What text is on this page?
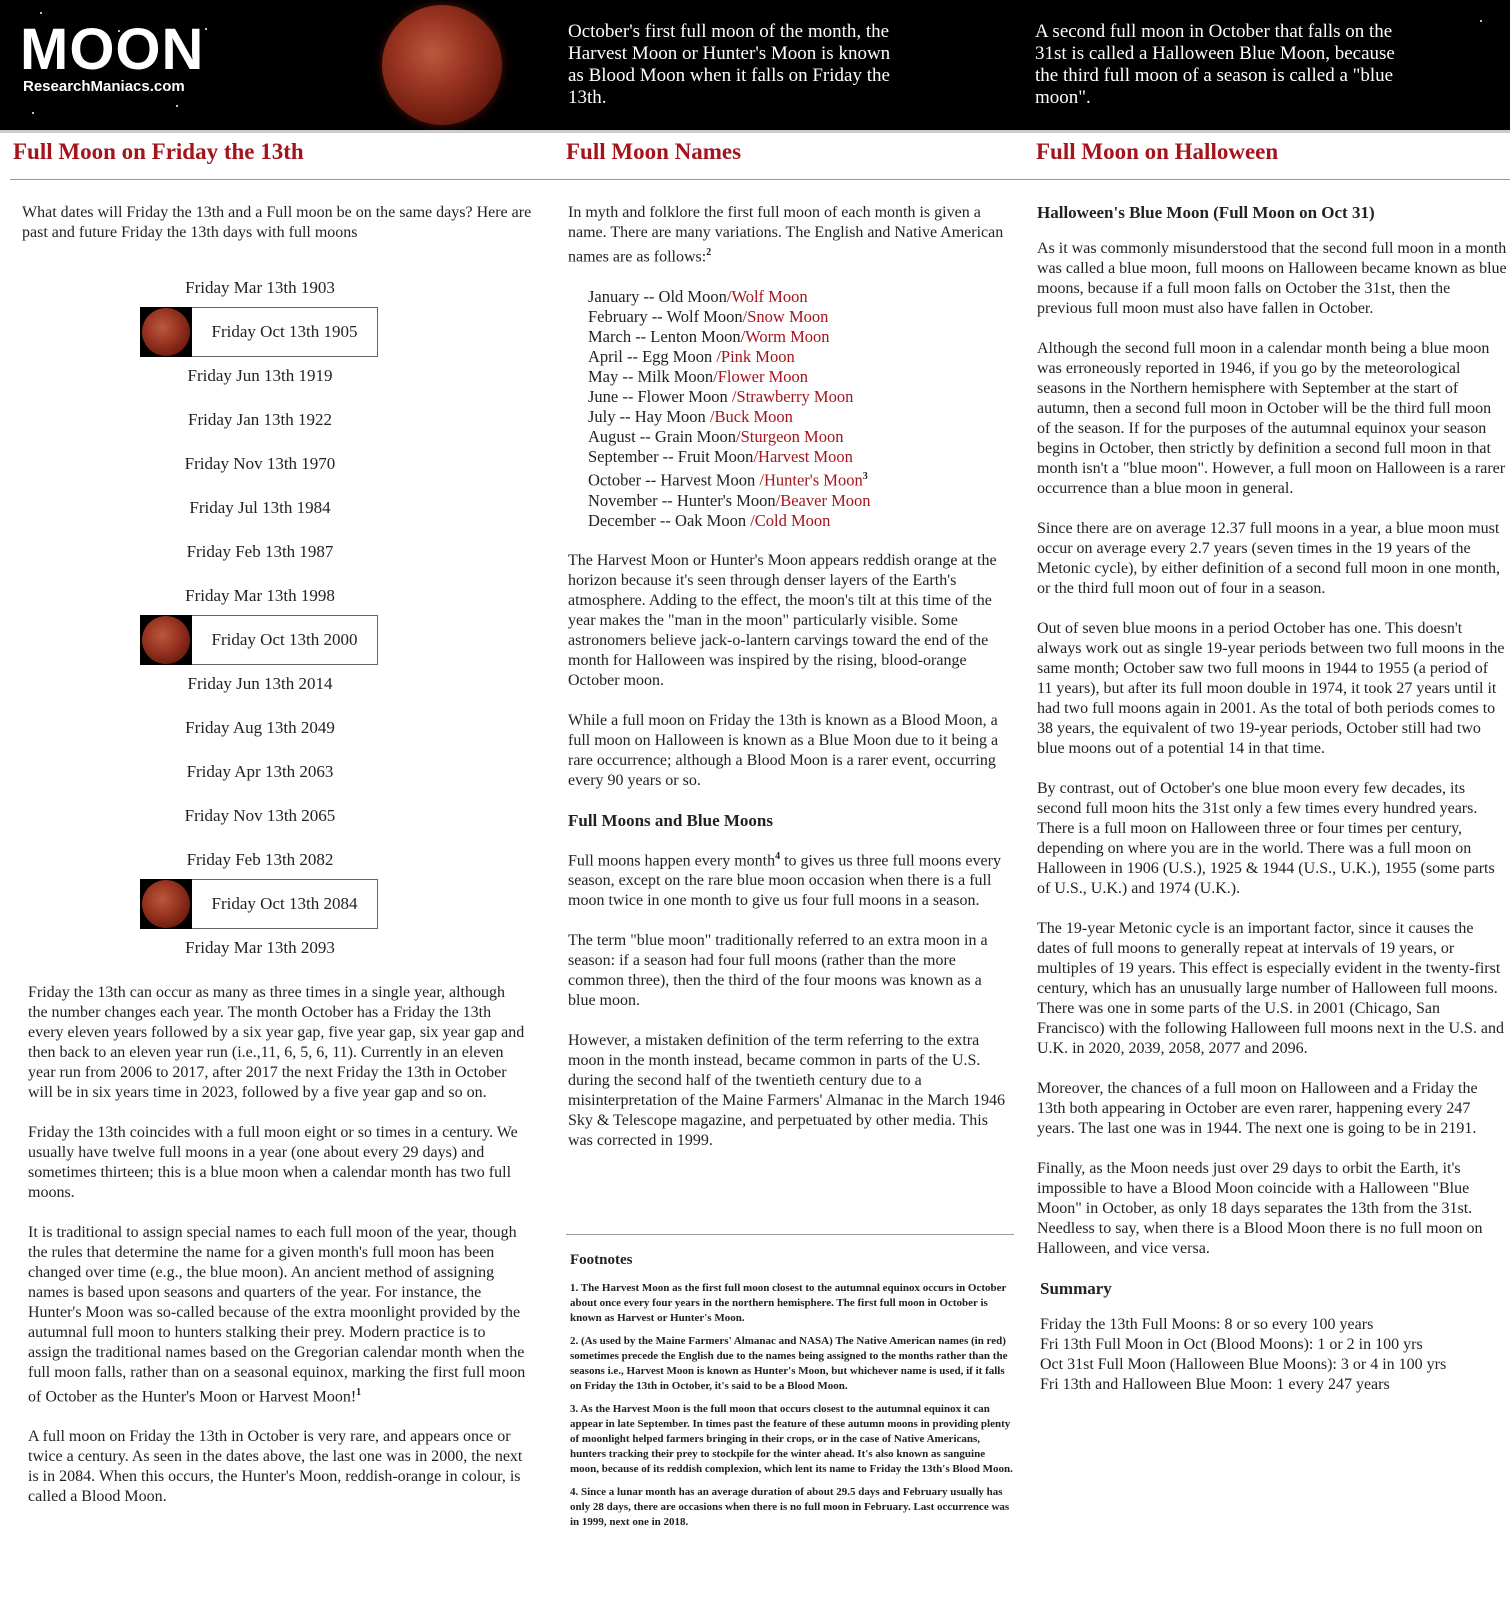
MOON
ResearchManiacs.com
October's first full moon of the month, the Harvest Moon or Hunter's Moon is known as Blood Moon when it falls on Friday the 13th.
A second full moon in October that falls on the 31st is called a Halloween Blue Moon, because the third full moon of a season is called a "blue moon".
Full Moon on Friday the 13th

What dates will Friday the 13th and a Full moon be on the same days? Here are past and future Friday the 13th days with full moons

Friday Mar 13th 1903
Friday Oct 13th 1905
Friday Jun 13th 1919
Friday Jan 13th 1922
Friday Nov 13th 1970
Friday Jul 13th 1984
Friday Feb 13th 1987
Friday Mar 13th 1998
Friday Oct 13th 2000
Friday Jun 13th 2014
Friday Aug 13th 2049
Friday Apr 13th 2063
Friday Nov 13th 2065
Friday Feb 13th 2082
Friday Oct 13th 2084
Friday Mar 13th 2093

Friday the 13th can occur as many as three times in a single year, although the number changes each year. The month October has a Friday the 13th every eleven years followed by a six year gap, five year gap, six year gap and then back to an eleven year run (i.e.,11, 6, 5, 6, 11). Currently in an eleven year run from 2006 to 2017, after 2017 the next Friday the 13th in October will be in six years time in 2023, followed by a five year gap and so on.

Friday the 13th coincides with a full moon eight or so times in a century. We usually have twelve full moons in a year (one about every 29 days) and sometimes thirteen; this is a blue moon when a calendar month has two full moons.

It is traditional to assign special names to each full moon of the year, though the rules that determine the name for a given month's full moon has been changed over time (e.g., the blue moon). An ancient method of assigning names is based upon seasons and quarters of the year. For instance, the Hunter's Moon was so-called because of the extra moonlight provided by the autumnal full moon to hunters stalking their prey. Modern practice is to assign the traditional names based on the Gregorian calendar month when the full moon falls, rather than on a seasonal equinox, marking the first full moon of October as the Hunter's Moon or Harvest Moon!$^1$

A full moon on Friday the 13th in October is very rare, and appears once or twice a century. As seen in the dates above, the last one was in 2000, the next is in 2084. When this occurs, the Hunter's Moon, reddish-orange in colour, is called a Blood Moon.

Full Moon Names

In myth and folklore the first full moon of each month is given a name. There are many variations. The English and Native American names are as follows:$^2$

January -- Old Moon/Wolf Moon
February -- Wolf Moon/Snow Moon
March -- Lenton Moon/Worm Moon
April -- Egg Moon /Pink Moon
May -- Milk Moon/Flower Moon
June -- Flower Moon /Strawberry Moon
July -- Hay Moon /Buck Moon
August -- Grain Moon/Sturgeon Moon
September -- Fruit Moon/Harvest Moon
October -- Harvest Moon /Hunter's Moon$^3$
November -- Hunter's Moon/Beaver Moon
December -- Oak Moon /Cold Moon

The Harvest Moon or Hunter's Moon appears reddish orange at the horizon because it's seen through denser layers of the Earth's atmosphere. Adding to the effect, the moon's tilt at this time of the year makes the "man in the moon" particularly visible. Some astronomers believe jack-o-lantern carvings toward the end of the month for Halloween was inspired by the rising, blood-orange October moon.

While a full moon on Friday the 13th is known as a Blood Moon, a full moon on Halloween is known as a Blue Moon due to it being a rare occurrence; although a Blood Moon is a rarer event, occurring every 90 years or so.

Full Moons and Blue Moons

Full moons happen every month$^4$ to gives us three full moons every season, except on the rare blue moon occasion when there is a full moon twice in one month to give us four full moons in a season.

The term "blue moon" traditionally referred to an extra moon in a season: if a season had four full moons (rather than the more common three), then the third of the four moons was known as a blue moon.

However, a mistaken definition of the term referring to the extra moon in the month instead, became common in parts of the U.S. during the second half of the twentieth century due to a misinterpretation of the Maine Farmers' Almanac in the March 1946 Sky & Telescope magazine, and perpetuated by other media. This was corrected in 1999.

Footnotes

1. The Harvest Moon as the first full moon closest to the autumnal equinox occurs in October about once every four years in the northern hemisphere. The first full moon in October is known as Harvest or Hunter's Moon.

2. (As used by the Maine Farmers' Almanac and NASA) The Native American names (in red) sometimes precede the English due to the names being assigned to the months rather than the seasons i.e., Harvest Moon is known as Hunter's Moon, but whichever name is used, if it falls on Friday the 13th in October, it's said to be a Blood Moon.

3. As the Harvest Moon is the full moon that occurs closest to the autumnal equinox it can appear in late September. In times past the feature of these autumn moons in providing plenty of moonlight helped farmers bringing in their crops, or in the case of Native Americans, hunters tracking their prey to stockpile for the winter ahead. It's also known as sanguine moon, because of its reddish complexion, which lent its name to Friday the 13th's Blood Moon.

4. Since a lunar month has an average duration of about 29.5 days and February usually has only 28 days, there are occasions when there is no full moon in February. Last occurrence was in 1999, next one in 2018.

Full Moon on Halloween
Halloween's Blue Moon (Full Moon on Oct 31)

As it was commonly misunderstood that the second full moon in a month was called a blue moon, full moons on Halloween became known as blue moons, because if a full moon falls on October the 31st, then the previous full moon must also have fallen in October.

Although the second full moon in a calendar month being a blue moon was erroneously reported in 1946, if you go by the meteorological seasons in the Northern hemisphere with September at the start of autumn, then a second full moon in October will be the third full moon of the season. If for the purposes of the autumnal equinox your season begins in October, then strictly by definition a second full moon in that month isn't a "blue moon". However, a full moon on Halloween is a rarer occurrence than a blue moon in general.

Since there are on average 12.37 full moons in a year, a blue moon must occur on average every 2.7 years (seven times in the 19 years of the Metonic cycle), by either definition of a second full moon in one month, or the third full moon out of four in a season.

Out of seven blue moons in a period October has one. This doesn't always work out as single 19-year periods between two full moons in the same month; October saw two full moons in 1944 to 1955 (a period of 11 years), but after its full moon double in 1974, it took 27 years until it had two full moons again in 2001. As the total of both periods comes to 38 years, the equivalent of two 19-year periods, October still had two blue moons out of a potential 14 in that time.

By contrast, out of October's one blue moon every few decades, its second full moon hits the 31st only a few times every hundred years. There is a full moon on Halloween three or four times per century, depending on where you are in the world. There was a full moon on Halloween in 1906 (U.S.), 1925 & 1944 (U.S., U.K.), 1955 (some parts of U.S., U.K.) and 1974 (U.K.).

The 19-year Metonic cycle is an important factor, since it causes the dates of full moons to generally repeat at intervals of 19 years, or multiples of 19 years. This effect is especially evident in the twenty-first century, which has an unusually large number of Halloween full moons. There was one in some parts of the U.S. in 2001 (Chicago, San Francisco) with the following Halloween full moons next in the U.S. and U.K. in 2020, 2039, 2058, 2077 and 2096.

Moreover, the chances of a full moon on Halloween and a Friday the 13th both appearing in October are even rarer, happening every 247 years. The last one was in 1944. The next one is going to be in 2191.

Finally, as the Moon needs just over 29 days to orbit the Earth, it's impossible to have a Blood Moon coincide with a Halloween "Blue Moon" in October, as only 18 days separates the 13th from the 31st. Needless to say, when there is a Blood Moon there is no full moon on Halloween, and vice versa.

Summary
Friday the 13th Full Moons: 8 or so every 100 years
Fri 13th Full Moon in Oct (Blood Moons): 1 or 2 in 100 yrs
Oct 31st Full Moon (Halloween Blue Moons): 3 or 4 in 100 yrs
Fri 13th and Halloween Blue Moon: 1 every 247 years
